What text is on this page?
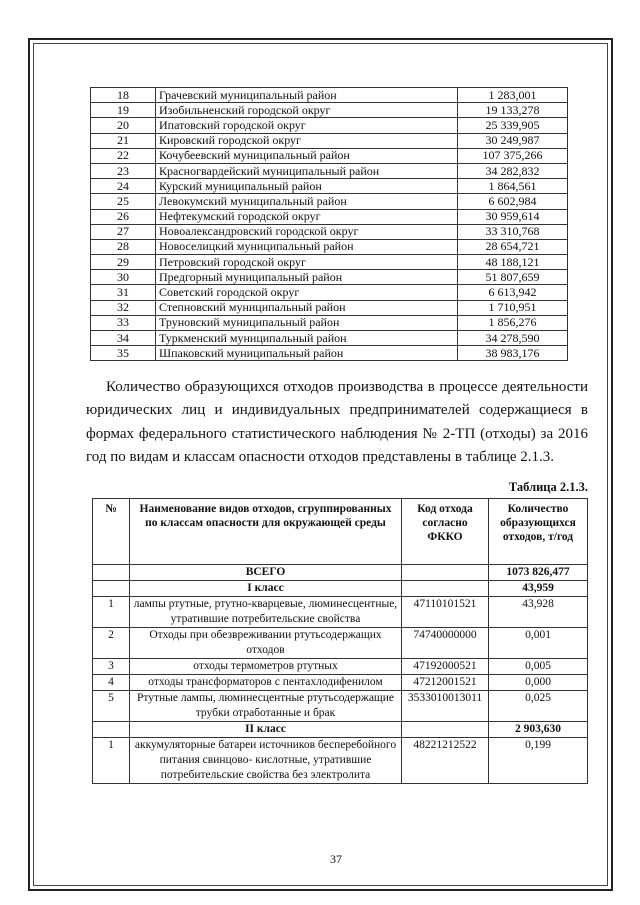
18	Грачевский муниципальный район	1 283,001
19	Изобильненский городской округ	19 133,278
20	Ипатовский городской округ	25 339,905
21	Кировский городской округ	30 249,987
22	Кочубеевский муниципальный район	107 375,266
23	Красногвардейский муниципальный район	34 282,832
24	Курский муниципальный район	1 864,561
25	Левокумский муниципальный район	6 602,984
26	Нефтекумский городской округ	30 959,614
27	Новоалександровский городской округ	33 310,768
28	Новоселицкий муниципальный район	28 654,721
29	Петровский городской округ	48 188,121
30	Предгорный муниципальный район	51 807,659
31	Советский городской округ	6 613,942
32	Степновский муниципальный район	1 710,951
33	Труновский муниципальный район	1 856,276
34	Туркменский муниципальный район	34 278,590
35	Шпаковский муниципальный район	38 983,176
Количество образующихся отходов производства в процессе деятельности юридических лиц и индивидуальных предпринимателей содержащиеся в формах федерального статистического наблюдения № 2-ТП (отходы) за 2016 год по видам и классам опасности отходов представлены в таблице 2.1.3.
Таблица 2.1.3.
№	Наименование видов отходов, сгруппированных по классам опасности для окружающей среды	Код отхода согласно ФККО	Количество образующихся отходов, т/год
	ВСЕГО		1073 826,477
	I класс		43,959
1	лампы ртутные, ртутно-кварцевые, люминесцентные, утратившие потребительские свойства	47110101521	43,928
2	Отходы при обезвреживании ртутьсодержащих отходов	74740000000	0,001
3	отходы термометров ртутных	47192000521	0,005
4	отходы трансформаторов с пентахлодифенилом	47212001521	0,000
5	Ртутные лампы, люминесцентные ртутьсодержащие трубки отработанные и брак	3533010013011	0,025
	II класс		2 903,630
1	аккумуляторные батареи источников бесперебойного питания свинцово- кислотные, утратившие потребительские свойства без электролита	48221212522	0,199
37
